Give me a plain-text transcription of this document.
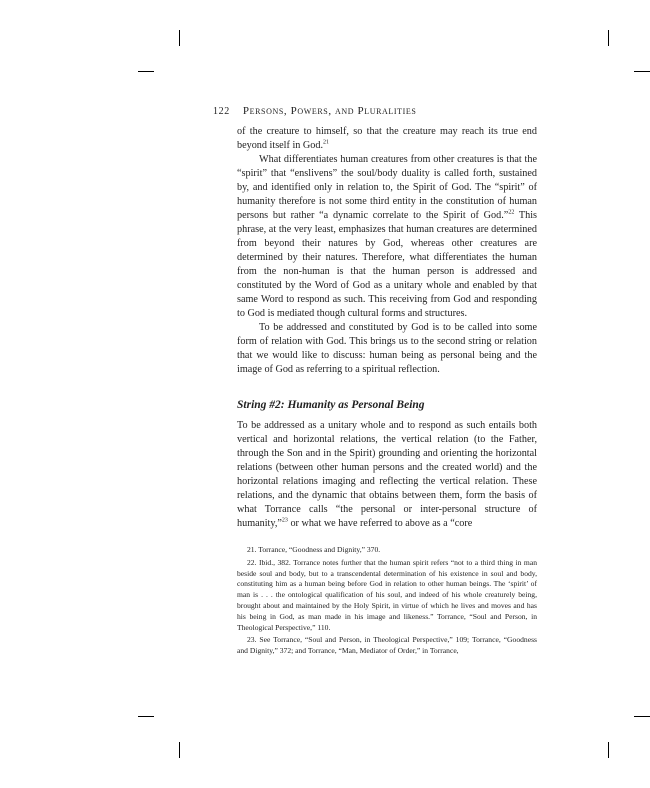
122 Persons, Powers, and Pluralities

of the creature to himself, so that the creature may reach its true end beyond itself in God.$^{21}$

What differentiates human creatures from other creatures is that the “spirit” that “enslivens” the soul/body duality is called forth, sustained by, and identified only in relation to, the Spirit of God. The “spirit” of humanity therefore is not some third entity in the constitution of human persons but rather “a dynamic correlate to the Spirit of God.”$^{22}$ This phrase, at the very least, emphasizes that human creatures are determined from beyond their natures by God, whereas other creatures are determined by their natures. Therefore, what differentiates the human from the non-human is that the human person is addressed and constituted by the Word of God as a unitary whole and enabled by that same Word to respond as such. This receiving from God and responding to God is mediated though cultural forms and structures.

To be addressed and constituted by God is to be called into some form of relation with God. This brings us to the second string or relation that we would like to discuss: human being as personal being and the image of God as referring to a spiritual reflection.

String #2: Humanity as Personal Being

To be addressed as a unitary whole and to respond as such entails both vertical and horizontal relations, the vertical relation (to the Father, through the Son and in the Spirit) grounding and orienting the horizontal relations (between other human persons and the created world) and the horizontal relations imaging and reflecting the vertical relation. These relations, and the dynamic that obtains between them, form the basis of what Torrance calls “the personal or inter-personal structure of humanity,”$^{23}$ or what we have referred to above as a “core

21. Torrance, “Goodness and Dignity,” 370.

22. Ibid., 382. Torrance notes further that the human spirit refers “not to a third thing in man beside soul and body, but to a transcendental determination of his existence in soul and body, constituting him as a human being before God in relation to other human beings. The ‘spirit’ of man is . . . the ontological qualification of his soul, and indeed of his whole creaturely being, brought about and maintained by the Holy Spirit, in virtue of which he lives and moves and has his being in God, as man made in his image and likeness.” Torrance, “Soul and Person, in Theological Perspective,” 110.

23. See Torrance, “Soul and Person, in Theological Perspective,” 109; Torrance, “Goodness and Dignity,” 372; and Torrance, “Man, Mediator of Order,” in Torrance,
